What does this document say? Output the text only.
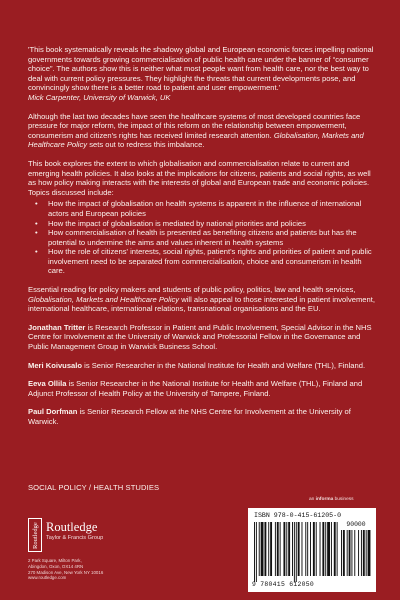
'This book systematically reveals the shadowy global and European economic forces impelling national governments towards growing commercialisation of public health care under the banner of “consumer choice”. The authors show this is neither what most people want from health care, nor the best way to deal with current policy pressures. They highlight the threats that current developments pose, and convincingly show there is a better road to patient and user empowerment.'
Mick Carpenter, University of Warwick, UK

Although the last two decades have seen the healthcare systems of most developed countries face pressure for major reform, the impact of this reform on the relationship between empowerment, consumerism and citizen's rights has received limited research attention. Globalisation, Markets and Healthcare Policy sets out to redress this imbalance.

This book explores the extent to which globalisation and commercialisation relate to current and emerging health policies. It also looks at the implications for citizens, patients and social rights, as well as how policy making interacts with the interests of global and European trade and economic policies. Topics discussed include:

• How the impact of globalisation on health systems is apparent in the influence of international actors and European policies
• How the impact of globalisation is mediated by national priorities and policies
• How commercialisation of health is presented as benefiting citizens and patients but has the potential to undermine the aims and values inherent in health systems
• How the role of citizens' interests, social rights, patient's rights and priorities of patient and public involvement need to be separated from commercialisation, choice and consumerism in health care.

Essential reading for policy makers and students of public policy, politics, law and health services, Globalisation, Markets and Healthcare Policy will also appeal to those interested in patient involvement, international healthcare, international relations, transnational organisations and the EU.

Jonathan Tritter is Research Professor in Patient and Public Involvement, Special Advisor in the NHS Centre for Involvement at the University of Warwick and Professorial Fellow in the Governance and Public Management Group in Warwick Business School.

Meri Koivusalo is Senior Researcher in the National Institute for Health and Welfare (THL), Finland.

Eeva Ollila is Senior Researcher in the National Institute for Health and Welfare (THL), Finland and Adjunct Professor of Health Policy at the University of Tampere, Finland.

Paul Dorfman is Senior Research Fellow at the NHS Centre for Involvement at the University of Warwick.

SOCIAL POLICY / HEALTH STUDIES
Routledge Routledge
Taylor & Francis Group
2 Park Square, Milton Park,
Abingdon, Oxon, OX14 4RN
270 Madison Ave, New York NY 10016
www.routledge.com
an informa business
ISBN 978-0-415-61205-0
90000
9 780415 612050
